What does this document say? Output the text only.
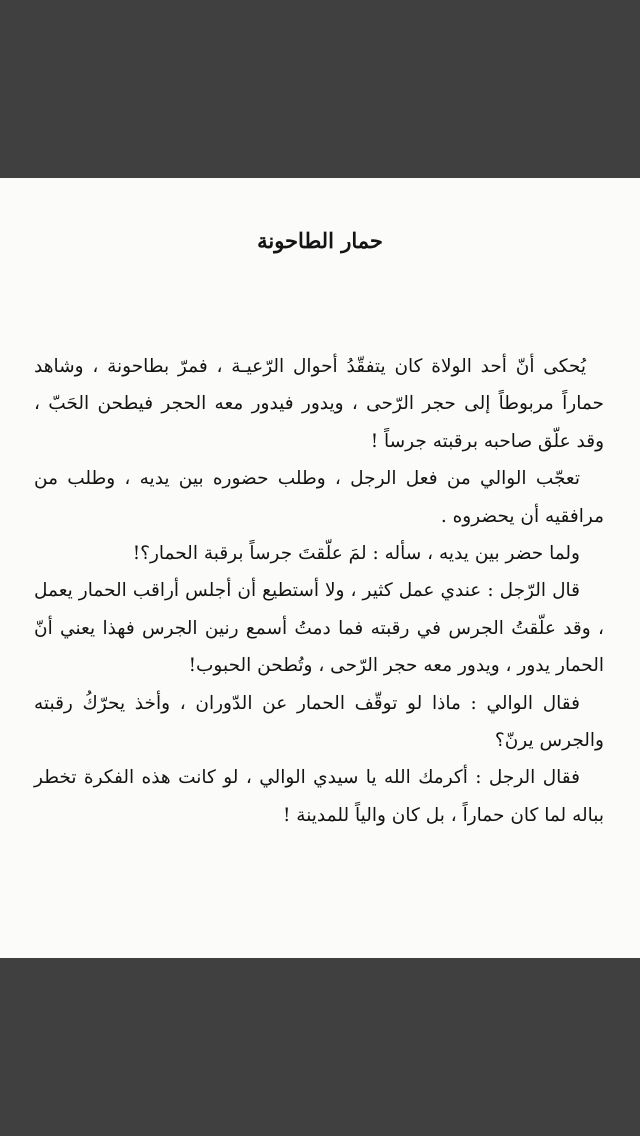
حمار الطاحونة

يُحكى أنّ أحد الولاة كان يتفقّدُ أحوال الرّعيـة ، فمرّ بطاحونة ، وشاهد حماراً مربوطاً إلى حجر الرّحى ، ويدور فيدور معه الحجر فيطحن الحَبّ ، وقد علّق صاحبه برقبته جرساً !

تعجّب الوالي من فعل الرجل ، وطلب حضوره بين يديه ، وطلب من مرافقيه أن يحضروه .

ولما حضر بين يديه ، سأله : لمَ علّقتَ جرساً برقبة الحمار؟!

قال الرّجل : عندي عمل كثير ، ولا أستطيع أن أجلس أراقب الحمار يعمل ، وقد علّقتُ الجرس في رقبته فما دمتُ أسمع رنين الجرس فهذا يعني أنّ الحمار يدور ، ويدور معه حجر الرّحى ، وتُطحن الحبوب!

فقال الوالي : ماذا لو توقّف الحمار عن الدّوران ، وأخذ يحرّكُ رقبته والجرس يرنّ؟

فقال الرجل : أكرمك الله يا سيدي الوالي ، لو كانت هذه الفكرة تخطر بباله لما كان حماراً ، بل كان والياً للمدينة !
